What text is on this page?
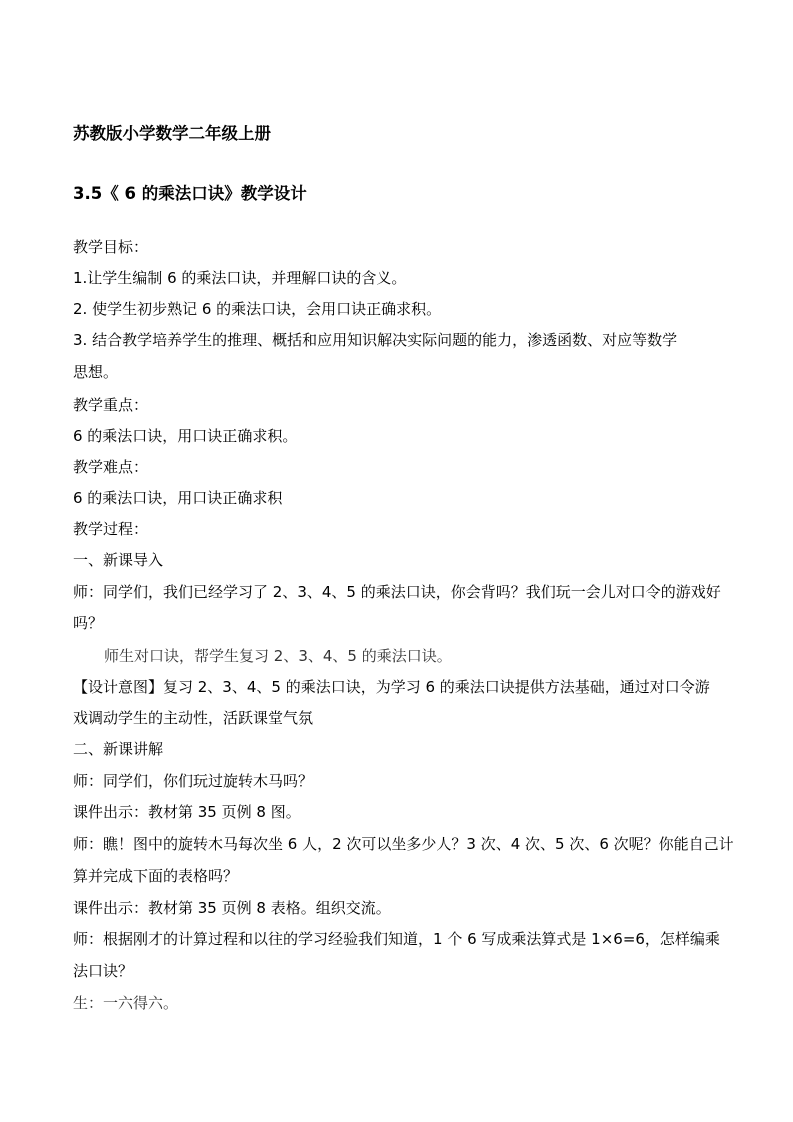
苏教版小学数学二年级上册
3.5《 6 的乘法口诀》教学设计
教学目标：
1.让学生编制 6 的乘法口诀，并理解口诀的含义。
2. 使学生初步熟记 6 的乘法口诀，会用口诀正确求积。
3. 结合教学培养学生的推理、概括和应用知识解决实际问题的能力，渗透函数、对应等数学
思想。
教学重点：
6 的乘法口诀，用口诀正确求积。
教学难点：
6 的乘法口诀，用口诀正确求积
教学过程：
一、新课导入
师：同学们，我们已经学习了 2、3、4、5 的乘法口诀，你会背吗？我们玩一会儿对口令的游戏好
吗？
师生对口诀，帮学生复习 2、3、4、5 的乘法口诀。
【设计意图】复习 2、3、4、5 的乘法口诀，为学习 6 的乘法口诀提供方法基础，通过对口令游
戏调动学生的主动性，活跃课堂气氛
二、新课讲解
师：同学们，你们玩过旋转木马吗？
课件出示：教材第 35 页例 8 图。
师：瞧！图中的旋转木马每次坐 6 人，2 次可以坐多少人？3 次、4 次、5 次、6 次呢？你能自己计
算并完成下面的表格吗？
课件出示：教材第 35 页例 8 表格。组织交流。
师：根据刚才的计算过程和以往的学习经验我们知道，1 个 6 写成乘法算式是 1×6=6，怎样编乘
法口诀？
生：一六得六。
